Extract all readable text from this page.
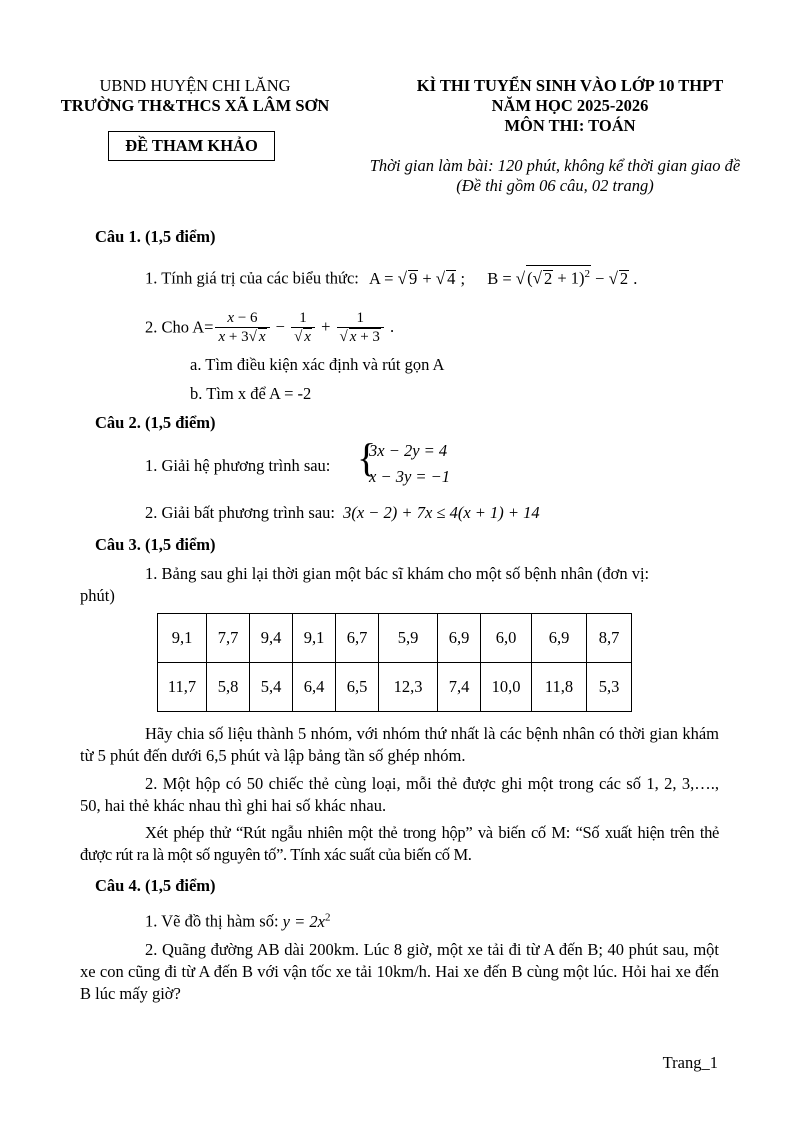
UBND HUYỆN CHI LĂNG
TRƯỜNG TH&THCS XÃ LÂM SƠN
ĐỀ THAM KHẢO
KÌ THI TUYỂN SINH VÀO LỚP 10 THPT
NĂM HỌC 2025-2026
MÔN THI: TOÁN
Thời gian làm bài: 120 phút, không kể thời gian giao đề
(Đề thi gồm 06 câu, 02 trang)
Câu 1. (1,5 điểm)
1. Tính giá trị của các biểu thức: A = √ 9 + √ 4 ; B = √ (√ 2 + 1)$^2$ − √ 2 .
2. Cho $A= \frac{x - 6}{x + 3√ x} - \frac{1}{√ x} + \frac{1}{√ x + 3}$ .
a. Tìm điều kiện xác định và rút gọn A
b. Tìm x để A = -2
Câu 2. (1,5 điểm)
1. Giải hệ phương trình sau: {
3x − 2y = 4
x − 3y = −1
2. Giải bất phương trình sau: 3(x − 2) + 7x ≤ 4(x + 1) + 14
Câu 3. (1,5 điểm)
1. Bảng sau ghi lại thời gian một bác sĩ khám cho một số bệnh nhân (đơn vị:
phút)
9,1	7,7	9,4	9,1	6,7	5,9	6,9	6,0	6,9	8,7
11,7	5,8	5,4	6,4	6,5	12,3	7,4	10,0	11,8	5,3
Hãy chia số liệu thành 5 nhóm, với nhóm thứ nhất là các bệnh nhân có thời gian khám từ 5 phút đến dưới 6,5 phút và lập bảng tần số ghép nhóm.
2. Một hộp có 50 chiếc thẻ cùng loại, mỗi thẻ được ghi một trong các số 1, 2, 3,…., 50, hai thẻ khác nhau thì ghi hai số khác nhau.
Xét phép thử “Rút ngẫu nhiên một thẻ trong hộp” và biến cố M: “Số xuất hiện trên thẻ được rút ra là một số nguyên tố”. Tính xác suất của biến cố M.
Câu 4. (1,5 điểm)
1. Vẽ đồ thị hàm số: $y = 2x^2$
2. Quãng đường AB dài 200km. Lúc 8 giờ, một xe tải đi từ A đến B; 40 phút sau, một xe con cũng đi từ A đến B với vận tốc xe tải 10km/h. Hai xe đến B cùng một lúc. Hỏi hai xe đến B lúc mấy giờ?
Trang_1
